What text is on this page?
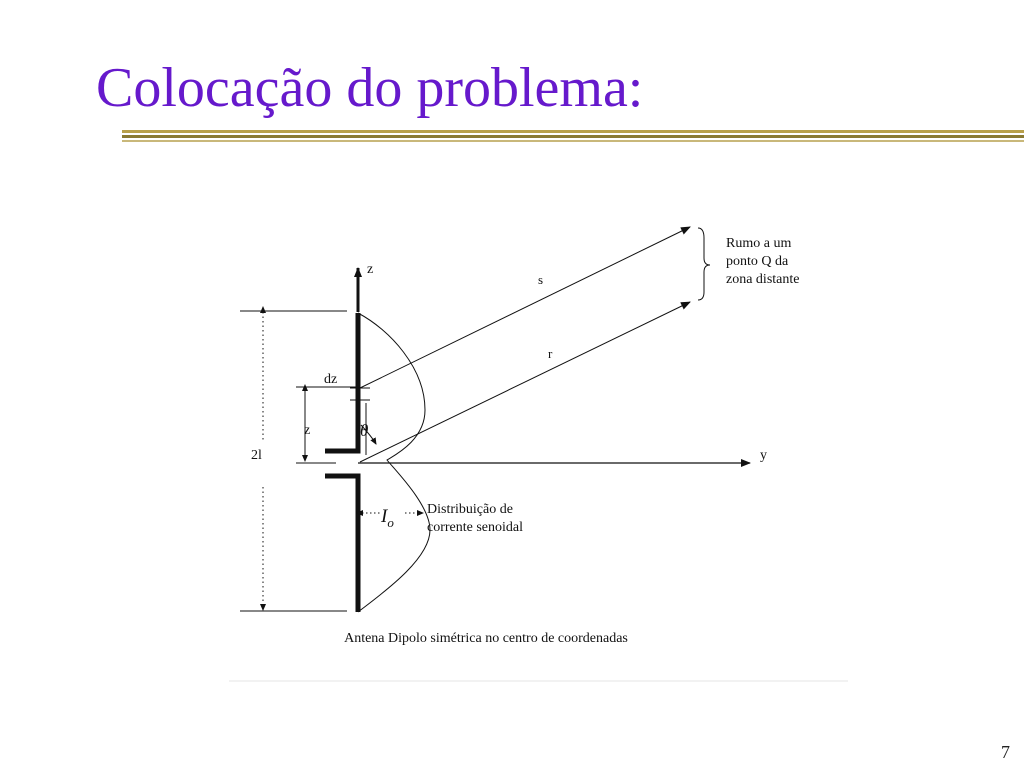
Colocação do problema:
z
y
s
r
Rumo a um ponto Q da zona distante
dz
z	θ
2l
$I_o$
Distribuição de corrente senoidal
Antena Dipolo simétrica no centro de coordenadas
7
